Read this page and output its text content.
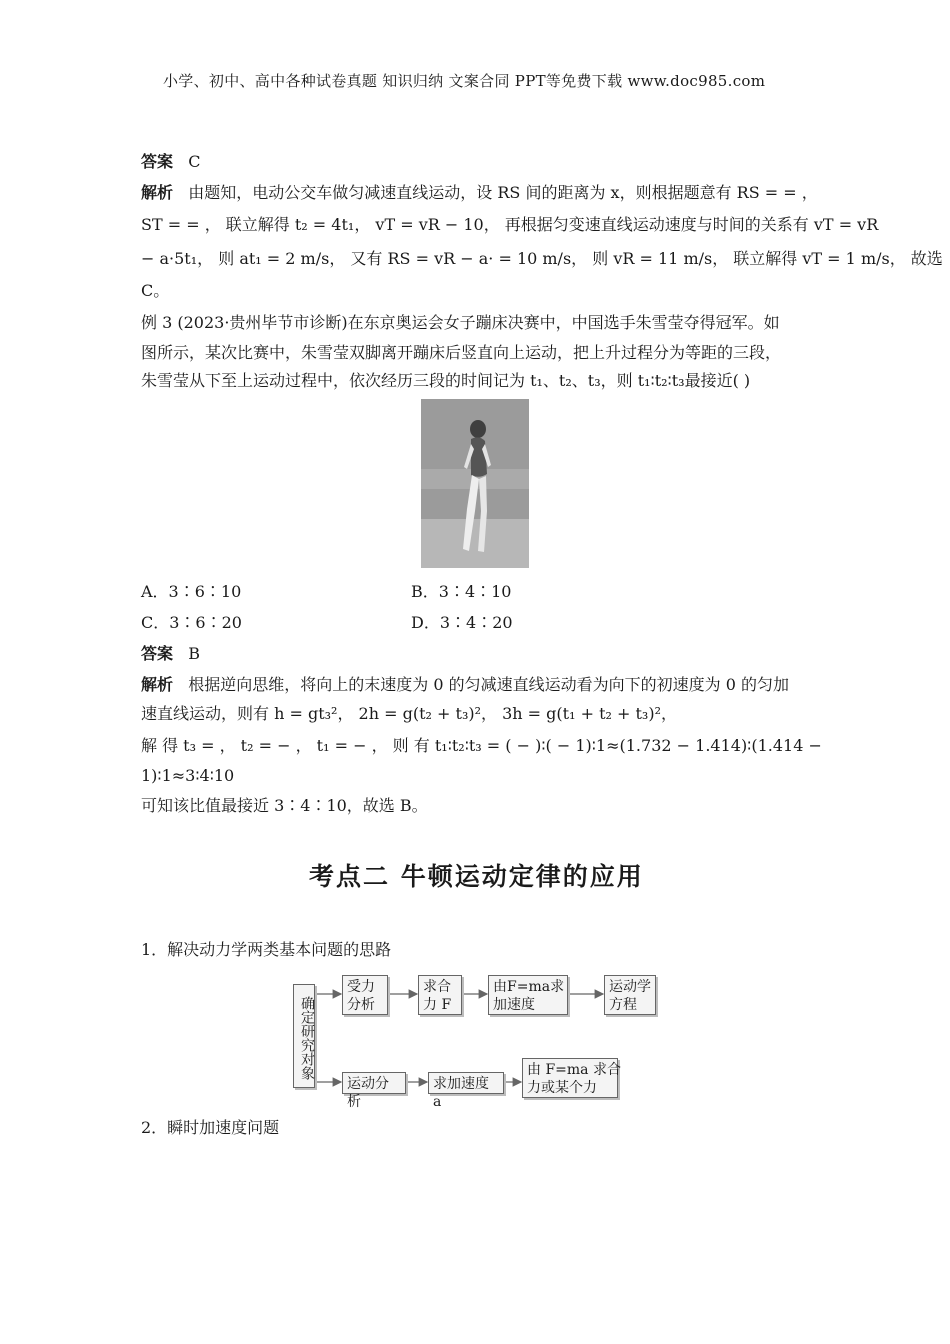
小学、初中、高中各种试卷真题 知识归纳 文案合同 PPT等免费下载 www.doc985.com
答案 C
解析 由题知，电动公交车做匀减速直线运动，设 RS 间的距离为 x，则根据题意有 RS = = ，
ST = = ， 联立解得 t₂ = 4t₁， vT = vR − 10， 再根据匀变速直线运动速度与时间的关系有 vT = vR
− a·5t₁， 则 at₁ = 2 m/s， 又有 RS = vR − a· = 10 m/s， 则 vR = 11 m/s， 联立解得 vT = 1 m/s， 故选
C。
例 3 (2023·贵州毕节市诊断)在东京奥运会女子蹦床决赛中，中国选手朱雪莹夺得冠军。如
图所示，某次比赛中，朱雪莹双脚离开蹦床后竖直向上运动，把上升过程分为等距的三段，
朱雪莹从下至上运动过程中，依次经历三段的时间记为 t₁、t₂、t₃，则 t₁∶t₂∶t₃最接近( )
A．3∶6∶10	B．3∶4∶10
C．3∶6∶20	D．3∶4∶20
答案 B
解析 根据逆向思维，将向上的末速度为 0 的匀减速直线运动看为向下的初速度为 0 的匀加
速直线运动，则有 h = gt₃²， 2h = g(t₂ + t₃)²， 3h = g(t₁ + t₂ + t₃)²，
解 得 t₃ = ， t₂ = − ， t₁ = − ， 则 有 t₁∶t₂∶t₃ = ( − )∶( − 1)∶1≈(1.732 − 1.414)∶(1.414 −
1)∶1≈3∶4∶10
可知该比值最接近 3∶4∶10，故选 B。
考点二 牛顿运动定律的应用
1．解决动力学两类基本问题的思路
确定研究对象
受力
分析
求合
力 F
由F=ma求
加速度
运动学
方程
运动分析
求加速度 a
由 F=ma 求合
力或某个力
2．瞬时加速度问题
